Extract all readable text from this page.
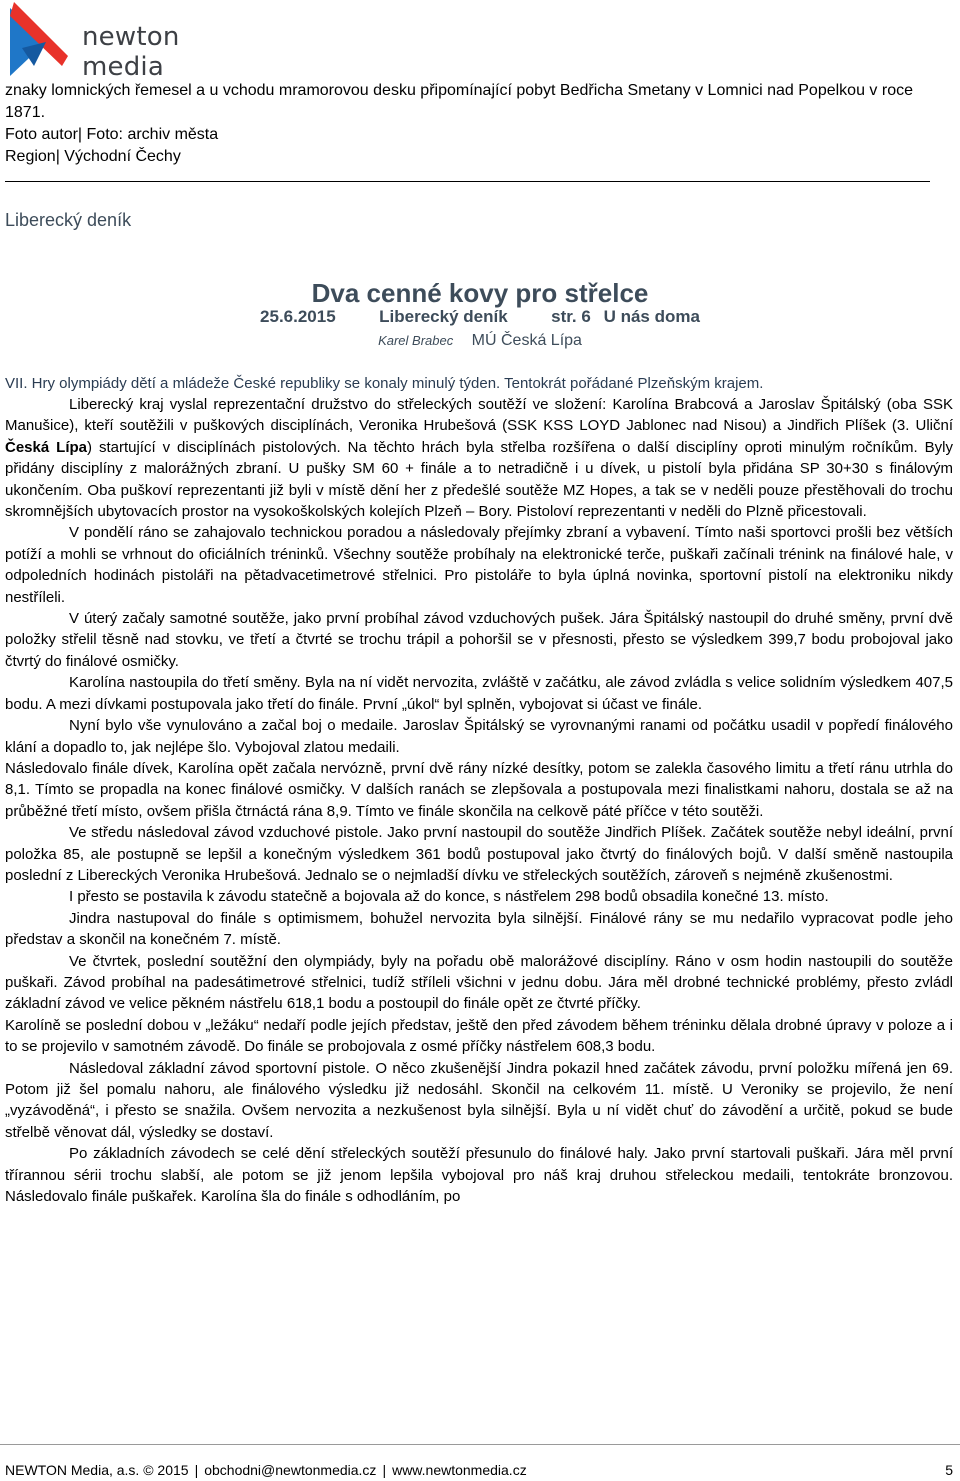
newton media

znaky lomnických řemesel a u vchodu mramorovou desku připomínající pobyt Bedřicha Smetany v Lomnici nad Popelkou v roce 1871.

Foto autor| Foto: archiv města

Region| Východní Čechy

Liberecký deník
Dva cenné kovy pro střelce
25.6.2015	Liberecký deník	str. 6 U nás doma
Karel Brabec MÚ Česká Lípa
VII. Hry olympiády dětí a mládeže České republiky se konaly minulý týden. Tentokrát pořádané Plzeňským krajem.

Liberecký kraj vyslal reprezentační družstvo do střeleckých soutěží ve složení: Karolína Brabcová a Jaroslav Špitálský (oba SSK Manušice), kteří soutěžili v puškových disciplínách, Veronika Hrubešová (SSK KSS LOYD Jablonec nad Nisou) a Jindřich Plíšek (3. Uliční Česká Lípa) startující v disciplínách pistolových. Na těchto hrách byla střelba rozšířena o další disciplíny oproti minulým ročníkům. Byly přidány disciplíny z malorážných zbraní. U pušky SM 60 + finále a to netradičně i u dívek, u pistolí byla přidána SP 30+30 s finálovým ukončením. Oba puškoví reprezentanti již byli v místě dění her z předešlé soutěže MZ Hopes, a tak se v neděli pouze přestěhovali do trochu skromnějších ubytovacích prostor na vysokoškolských kolejích Plzeň – Bory. Pistoloví reprezentanti v neděli do Plzně přicestovali.

V pondělí ráno se zahajovalo technickou poradou a následovaly přejímky zbraní a vybavení. Tímto naši sportovci prošli bez větších potíží a mohli se vrhnout do oficiálních tréninků. Všechny soutěže probíhaly na elektronické terče, puškaři začínali trénink na finálové hale, v odpoledních hodinách pistoláři na pětadvacetimetrové střelnici. Pro pistoláře to byla úplná novinka, sportovní pistolí na elektroniku nikdy nestříleli.

V úterý začaly samotné soutěže, jako první probíhal závod vzduchových pušek. Jára Špitálský nastoupil do druhé směny, první dvě položky střelil těsně nad stovku, ve třetí a čtvrté se trochu trápil a pohoršil se v přesnosti, přesto se výsledkem 399,7 bodu probojoval jako čtvrtý do finálové osmičky.

Karolína nastoupila do třetí směny. Byla na ní vidět nervozita, zvláště v začátku, ale závod zvládla s velice solidním výsledkem 407,5 bodu. A mezi dívkami postupovala jako třetí do finále. První „úkol“ byl splněn, vybojovat si účast ve finále.

Nyní bylo vše vynulováno a začal boj o medaile. Jaroslav Špitálský se vyrovnanými ranami od počátku usadil v popředí finálového klání a dopadlo to, jak nejlépe šlo. Vybojoval zlatou medaili.

Následovalo finále dívek, Karolína opět začala nervózně, první dvě rány nízké desítky, potom se zalekla časového limitu a třetí ránu utrhla do 8,1. Tímto se propadla na konec finálové osmičky. V dalších ranách se zlepšovala a postupovala mezi finalistkami nahoru, dostala se až na průběžné třetí místo, ovšem přišla čtrnáctá rána 8,9. Tímto ve finále skončila na celkově páté příčce v této soutěži.

Ve středu následoval závod vzduchové pistole. Jako první nastoupil do soutěže Jindřich Plíšek. Začátek soutěže nebyl ideální, první položka 85, ale postupně se lepšil a konečným výsledkem 361 bodů postupoval jako čtvrtý do finálových bojů. V další směně nastoupila poslední z Libereckých Veronika Hrubešová. Jednalo se o nejmladší dívku ve střeleckých soutěžích, zároveň s nejméně zkušenostmi.

I přesto se postavila k závodu statečně a bojovala až do konce, s nástřelem 298 bodů obsadila konečné 13. místo.

Jindra nastupoval do finále s optimismem, bohužel nervozita byla silnější. Finálové rány se mu nedařilo vypracovat podle jeho představ a skončil na konečném 7. místě.

Ve čtvrtek, poslední soutěžní den olympiády, byly na pořadu obě malorážové disciplíny. Ráno v osm hodin nastoupili do soutěže puškaři. Závod probíhal na padesátimetrové střelnici, tudíž stříleli všichni v jednu dobu. Jára měl drobné technické problémy, přesto zvládl základní závod ve velice pěkném nástřelu 618,1 bodu a postoupil do finále opět ze čtvrté příčky.

Karolíně se poslední dobou v „ležáku“ nedaří podle jejích představ, ještě den před závodem během tréninku dělala drobné úpravy v poloze a i to se projevilo v samotném závodě. Do finále se probojovala z osmé příčky nástřelem 608,3 bodu.

Následoval základní závod sportovní pistole. O něco zkušenější Jindra pokazil hned začátek závodu, první položku mířená jen 69. Potom již šel pomalu nahoru, ale finálového výsledku již nedosáhl. Skončil na celkovém 11. místě. U Veroniky se projevilo, že není „vyzávoděná“, i přesto se snažila. Ovšem nervozita a nezkušenost byla silnější. Byla u ní vidět chuť do závodění a určitě, pokud se bude střelbě věnovat dál, výsledky se dostaví.

Po základních závodech se celé dění střeleckých soutěží přesunulo do finálové haly. Jako první startovali puškaři. Jára měl první třírannou sérii trochu slabší, ale potom se již jenom lepšila vybojoval pro náš kraj druhou střeleckou medaili, tentokráte bronzovou. Následovalo finále puškařek. Karolína šla do finále s odhodláním, po

NEWTON Media, a.s. © 2015 | obchodni@newtonmedia.cz | www.newtonmedia.cz	5
